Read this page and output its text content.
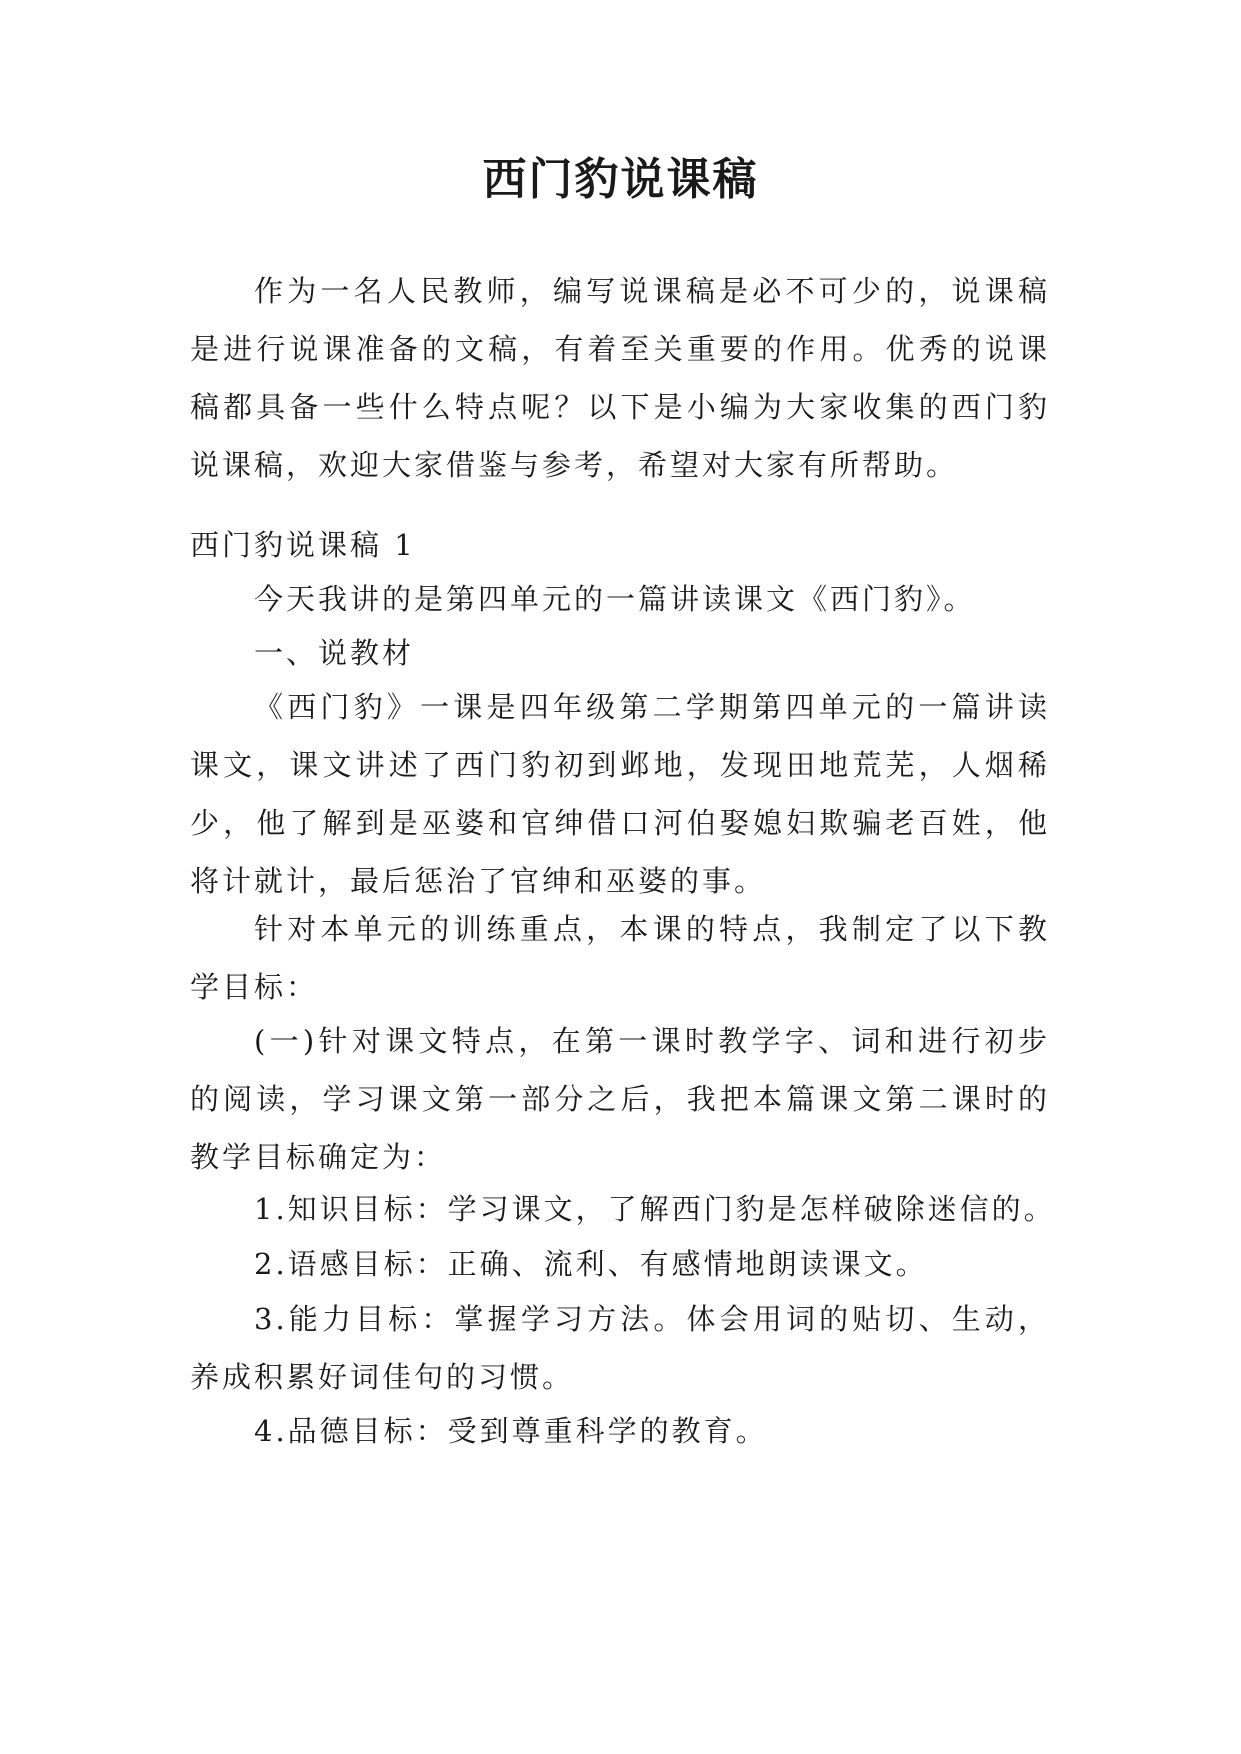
西门豹说课稿
作为一名人民教师，编写说课稿是必不可少的，说课稿是进行说课准备的文稿，有着至关重要的作用。优秀的说课稿都具备一些什么特点呢？以下是小编为大家收集的西门豹说课稿，欢迎大家借鉴与参考，希望对大家有所帮助。
西门豹说课稿 1
今天我讲的是第四单元的一篇讲读课文《西门豹》。
一、说教材
《西门豹》一课是四年级第二学期第四单元的一篇讲读课文，课文讲述了西门豹初到邺地，发现田地荒芜，人烟稀少，他了解到是巫婆和官绅借口河伯娶媳妇欺骗老百姓，他将计就计，最后惩治了官绅和巫婆的事。
针对本单元的训练重点，本课的特点，我制定了以下教学目标：
(一)针对课文特点，在第一课时教学字、词和进行初步的阅读，学习课文第一部分之后，我把本篇课文第二课时的教学目标确定为：
1.知识目标：学习课文，了解西门豹是怎样破除迷信的。
2.语感目标：正确、流利、有感情地朗读课文。
3.能力目标：掌握学习方法。体会用词的贴切、生动，养成积累好词佳句的习惯。
4.品德目标：受到尊重科学的教育。
